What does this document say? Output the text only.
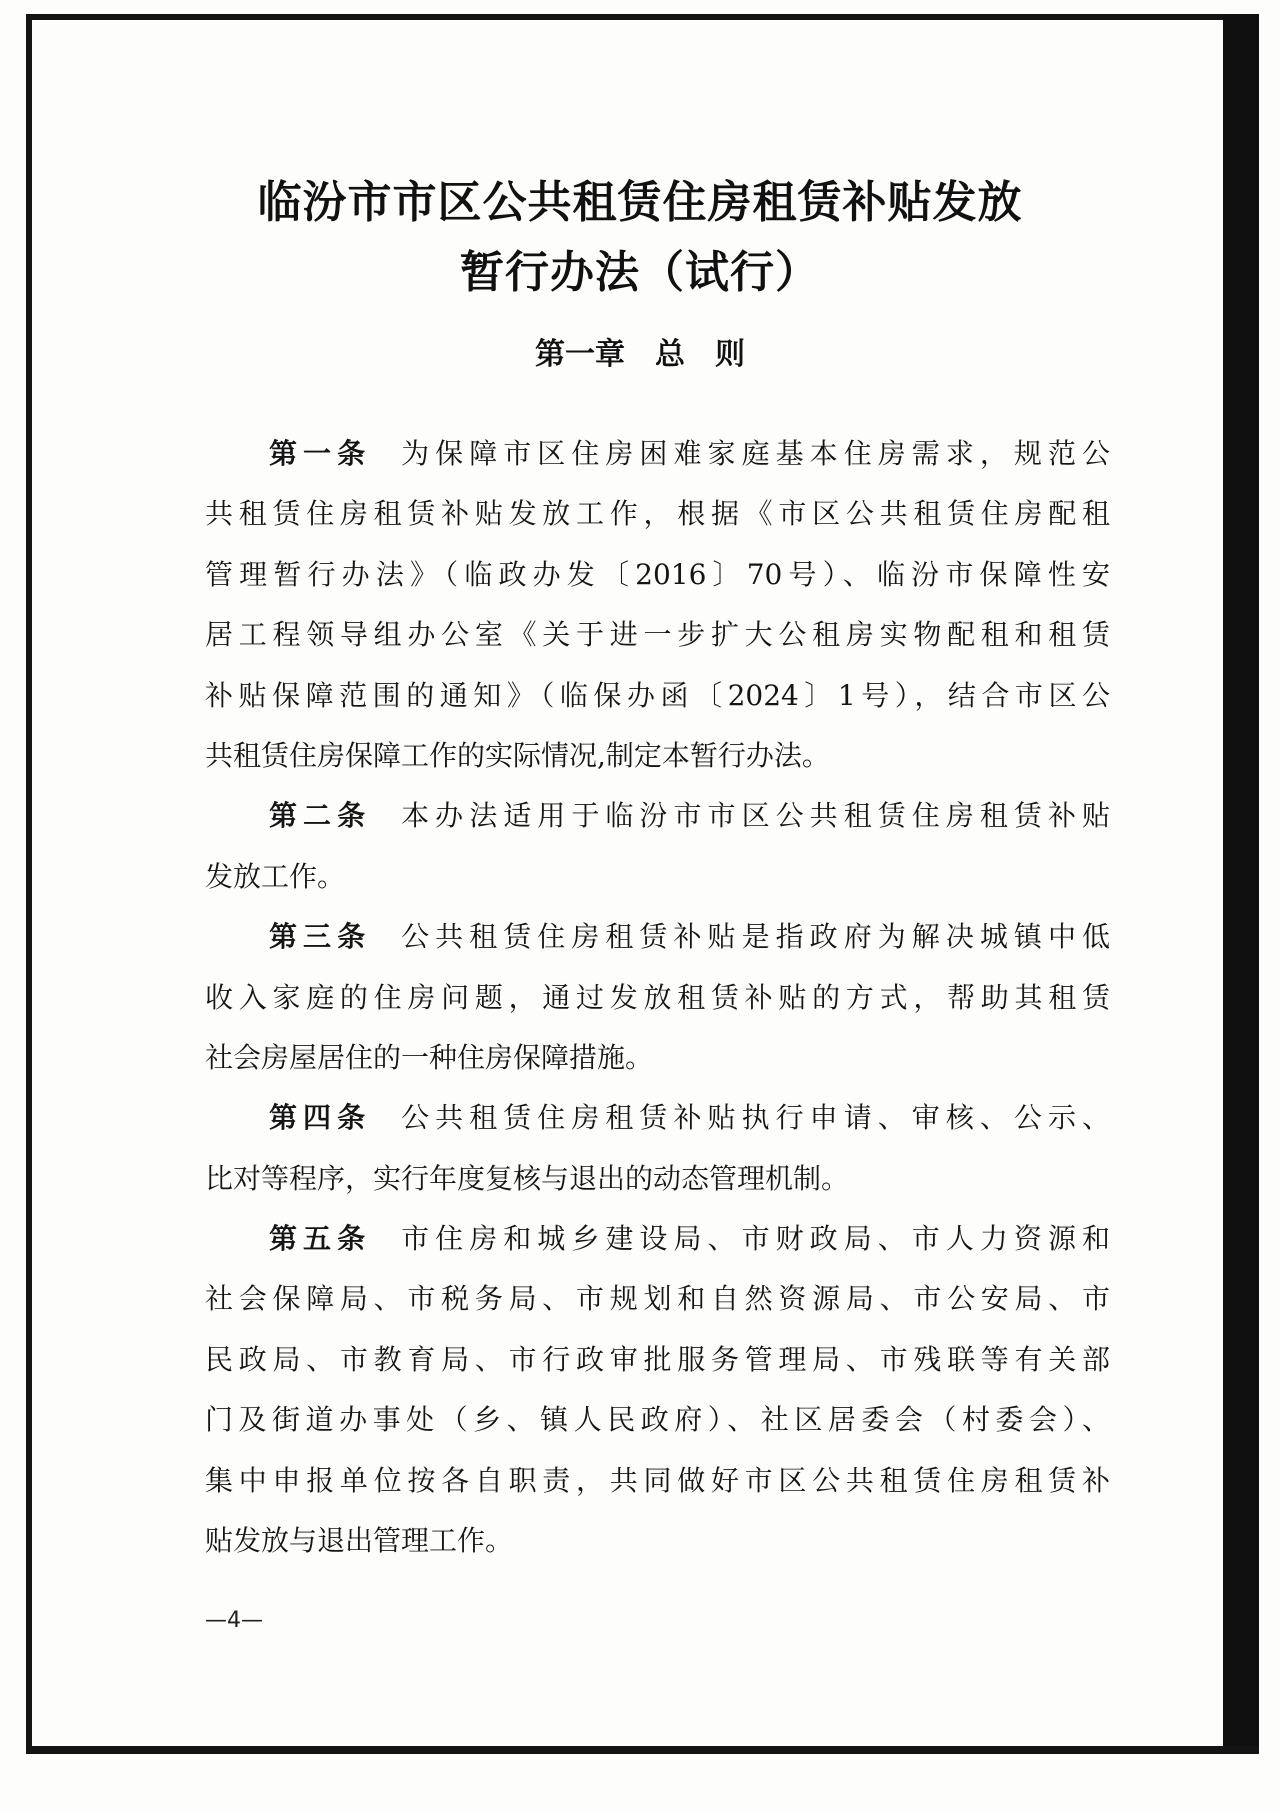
临汾市市区公共租赁住房租赁补贴发放
暂行办法（试行）
第一章　总　则
第一条 为保障市区住房困难家庭基本住房需求，规范公
共租赁住房租赁补贴发放工作，根据《市区公共租赁住房配租
管理暂行办法》（临政办发〔2016〕70号）、临汾市保障性安
居工程领导组办公室《关于进一步扩大公租房实物配租和租赁
补贴保障范围的通知》（临保办函〔2024〕1号），结合市区公
共租赁住房保障工作的实际情况,制定本暂行办法。
第二条 本办法适用于临汾市市区公共租赁住房租赁补贴
发放工作。
第三条 公共租赁住房租赁补贴是指政府为解决城镇中低
收入家庭的住房问题，通过发放租赁补贴的方式，帮助其租赁
社会房屋居住的一种住房保障措施。
第四条 公共租赁住房租赁补贴执行申请、审核、公示、
比对等程序，实行年度复核与退出的动态管理机制。
第五条 市住房和城乡建设局、市财政局、市人力资源和
社会保障局、市税务局、市规划和自然资源局、市公安局、市
民政局、市教育局、市行政审批服务管理局、市残联等有关部
门及街道办事处（乡、镇人民政府）、社区居委会（村委会）、
集中申报单位按各自职责，共同做好市区公共租赁住房租赁补
贴发放与退出管理工作。
—4—
